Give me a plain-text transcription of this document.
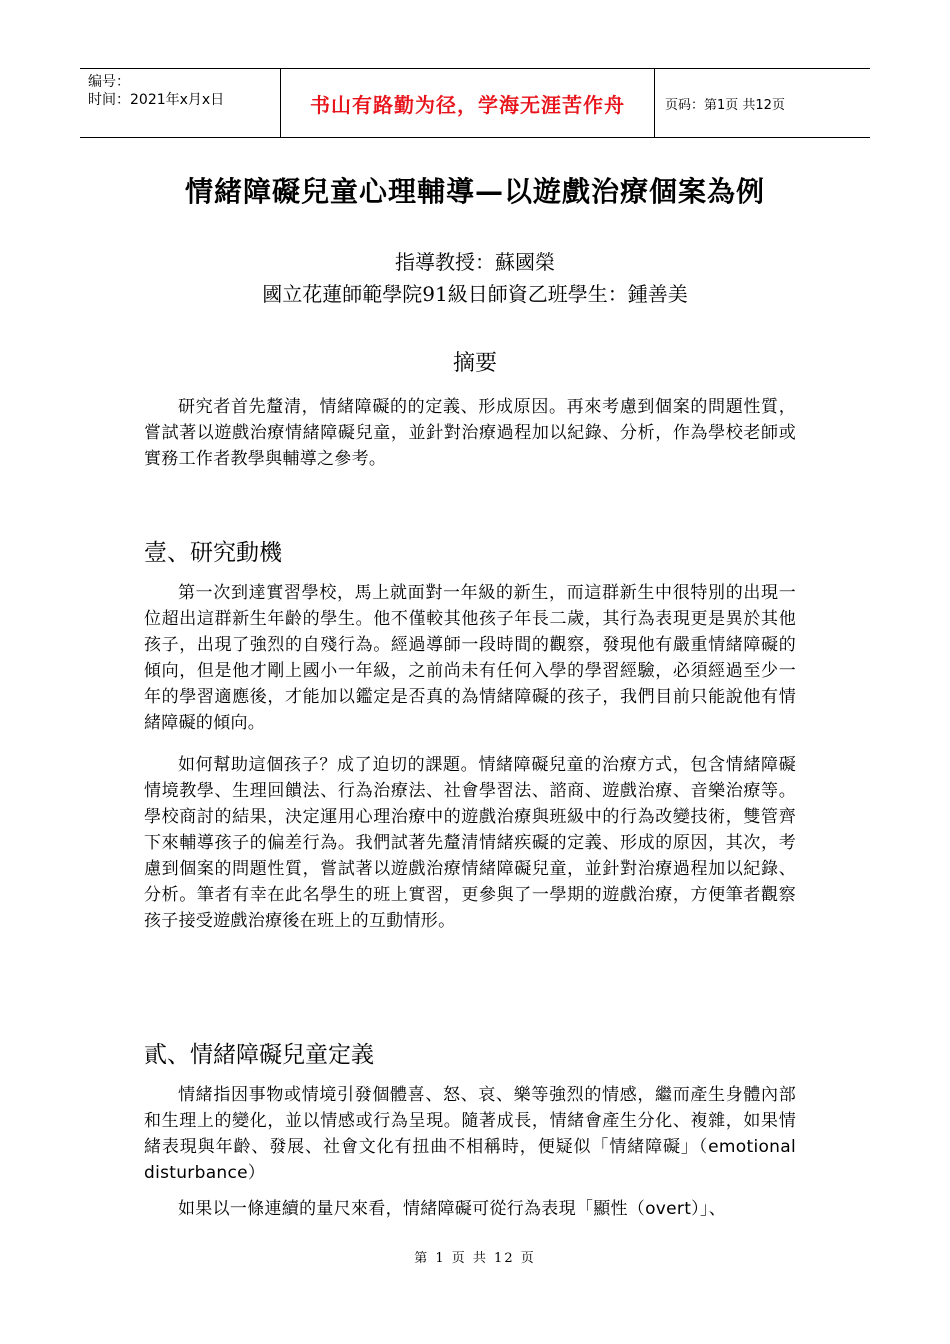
编号：
时间：2021年x月x日	书山有路勤为径，学海无涯苦作舟	页码：第1页 共12页
情緒障礙兒童心理輔導—以遊戲治療個案為例
指導教授：蘇國榮
國立花蓮師範學院91級日師資乙班學生：鍾善美
摘要
研究者首先釐清，情緒障礙的的定義、形成原因。再來考慮到個案的問題性質，嘗試著以遊戲治療情緒障礙兒童，並針對治療過程加以紀錄、分析，作為學校老師或實務工作者教學與輔導之參考。
壹、研究動機
第一次到達實習學校，馬上就面對一年級的新生，而這群新生中很特別的出現一位超出這群新生年齡的學生。他不僅較其他孩子年長二歲，其行為表現更是異於其他孩子，出現了強烈的自殘行為。經過導師一段時間的觀察，發現他有嚴重情緒障礙的傾向，但是他才剛上國小一年級，之前尚未有任何入學的學習經驗，必須經過至少一年的學習適應後，才能加以鑑定是否真的為情緒障礙的孩子，我們目前只能說他有情緒障礙的傾向。
如何幫助這個孩子？成了迫切的課題。情緒障礙兒童的治療方式，包含情緒障礙情境教學、生理回饋法、行為治療法、社會學習法、諮商、遊戲治療、音樂治療等。學校商討的結果，決定運用心理治療中的遊戲治療與班級中的行為改變技術，雙管齊下來輔導孩子的偏差行為。我們試著先釐清情緒疾礙的定義、形成的原因，其次，考慮到個案的問題性質，嘗試著以遊戲治療情緒障礙兒童，並針對治療過程加以紀錄、分析。筆者有幸在此名學生的班上實習，更參與了一學期的遊戲治療，方便筆者觀察孩子接受遊戲治療後在班上的互動情形。
貳、情緒障礙兒童定義
情緒指因事物或情境引發個體喜、怒、哀、樂等強烈的情感，繼而產生身體內部和生理上的變化，並以情感或行為呈現。隨著成長，情緒會產生分化、複雜，如果情緒表現與年齡、發展、社會文化有扭曲不相稱時，便疑似「情緒障礙」（emotional disturbance）
如果以一條連續的量尺來看，情緒障礙可從行為表現「顯性（overt）」、
第 1 页 共 12 页
